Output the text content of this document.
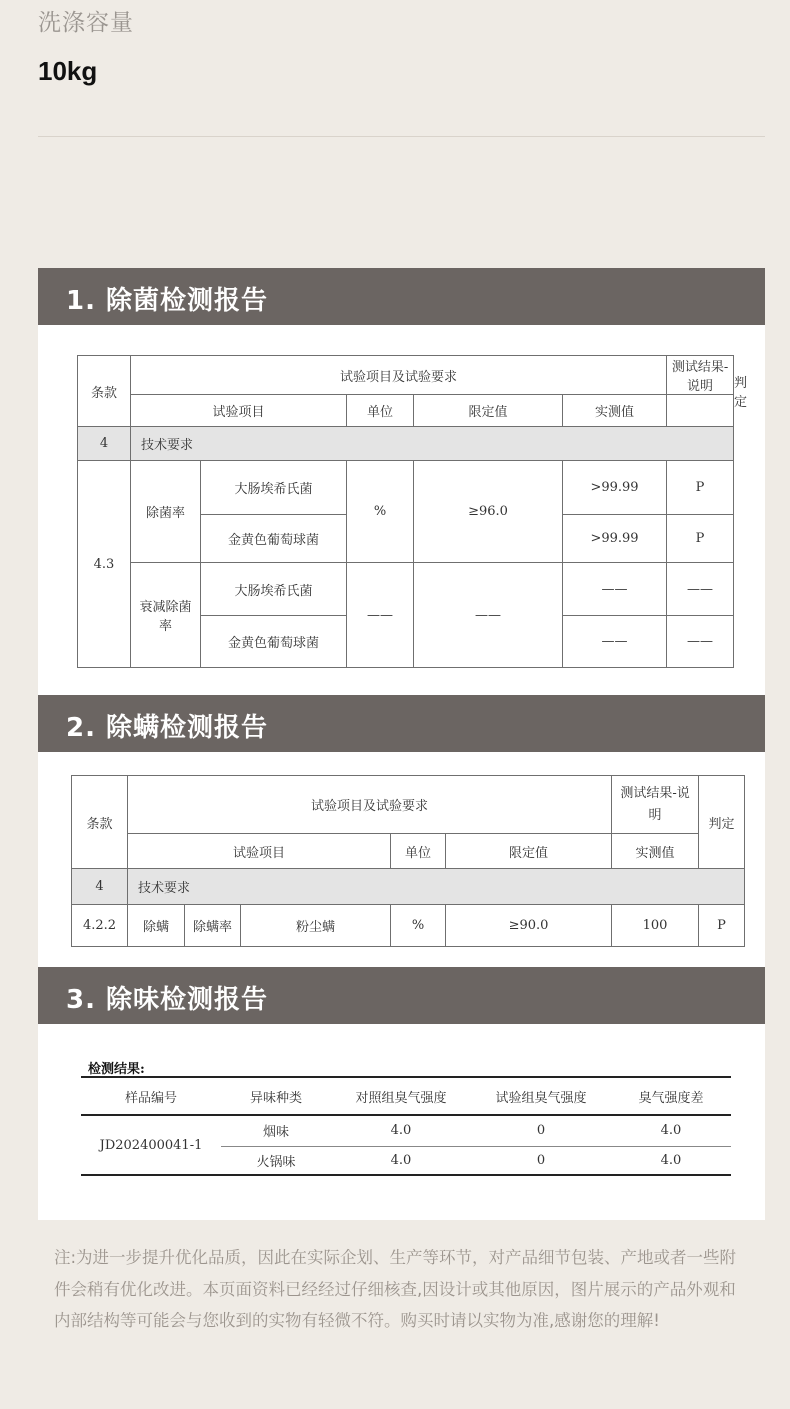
洗涤容量
10kg
1. 除菌检测报告
条款	试验项目及试验要求					测试结果-说明	判定
	试验项目		单位	限定值	实测值		
4	技术要求						
4.3	除菌率	大肠埃希氏菌	%	≥96.0	>99.99	P	
		金黄色葡萄球菌			>99.99	P	
	衰减除菌率	大肠埃希氏菌	——	——	——	——	
		金黄色葡萄球菌			——	——	
2. 除螨检测报告
条款	试验项目及试验要求					测试结果-说明	判定
	试验项目			单位	限定值	实测值	
4	技术要求						
4.2.2	除螨	除螨率	粉尘螨	%	≥90.0	100	P
3. 除味检测报告
检测结果:
样品编号	异味种类	对照组臭气强度	试验组臭气强度	臭气强度差
JD202400041-1	烟味	4.0	0	4.0
	火锅味	4.0	0	4.0
注:为进一步提升优化品质，因此在实际企划、生产等环节，对产品细节包装、产地或者一些附件会稍有优化改进。本页面资料已经经过仔细核查,因设计或其他原因，图片展示的产品外观和内部结构等可能会与您收到的实物有轻微不符。购买时请以实物为准,感谢您的理解!
